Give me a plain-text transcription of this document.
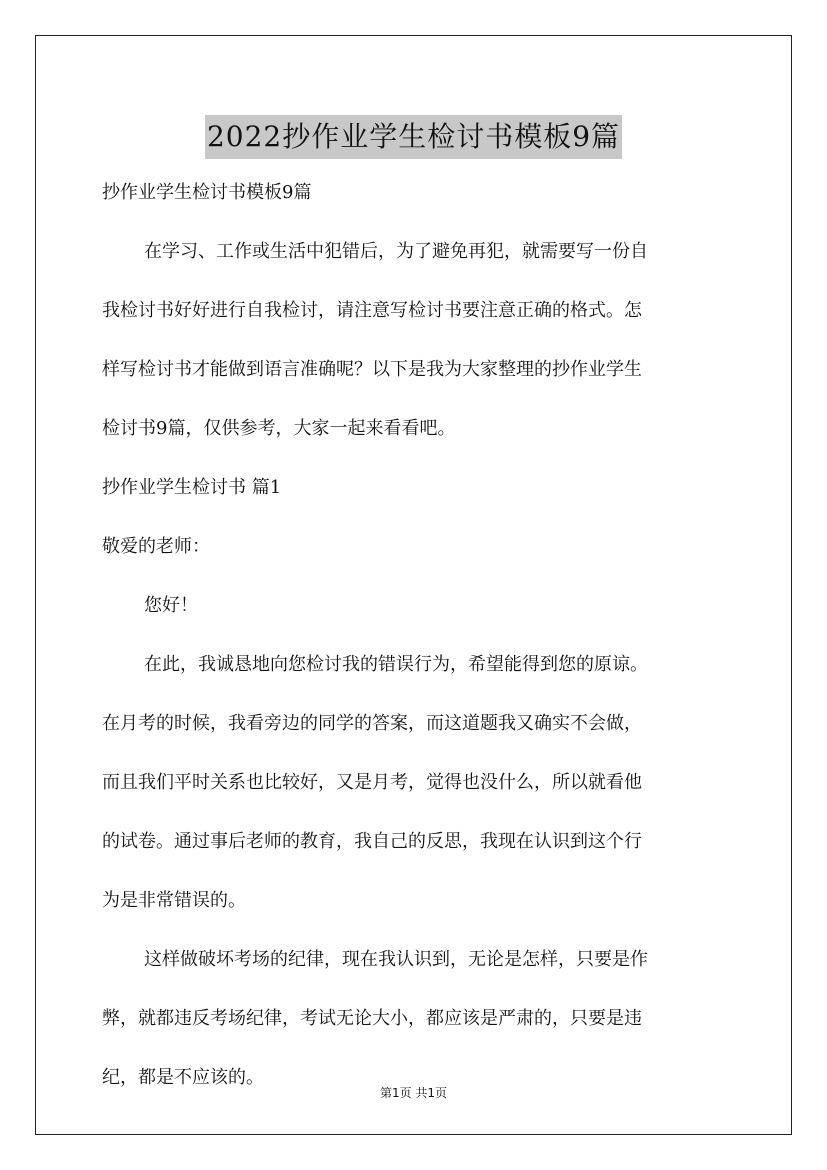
2022抄作业学生检讨书模板9篇

抄作业学生检讨书模板9篇

在学习、工作或生活中犯错后，为了避免再犯，就需要写一份自

我检讨书好好进行自我检讨，请注意写检讨书要注意正确的格式。怎

样写检讨书才能做到语言准确呢？以下是我为大家整理的抄作业学生

检讨书9篇，仅供参考，大家一起来看看吧。

抄作业学生检讨书 篇1

敬爱的老师：

您好！

在此，我诚恳地向您检讨我的错误行为，希望能得到您的原谅。

在月考的时候，我看旁边的同学的答案，而这道题我又确实不会做，

而且我们平时关系也比较好，又是月考，觉得也没什么，所以就看他

的试卷。通过事后老师的教育，我自己的反思，我现在认识到这个行

为是非常错误的。

这样做破坏考场的纪律，现在我认识到，无论是怎样，只要是作

弊，就都违反考场纪律，考试无论大小，都应该是严肃的，只要是违

纪，都是不应该的。

第1页 共1页
